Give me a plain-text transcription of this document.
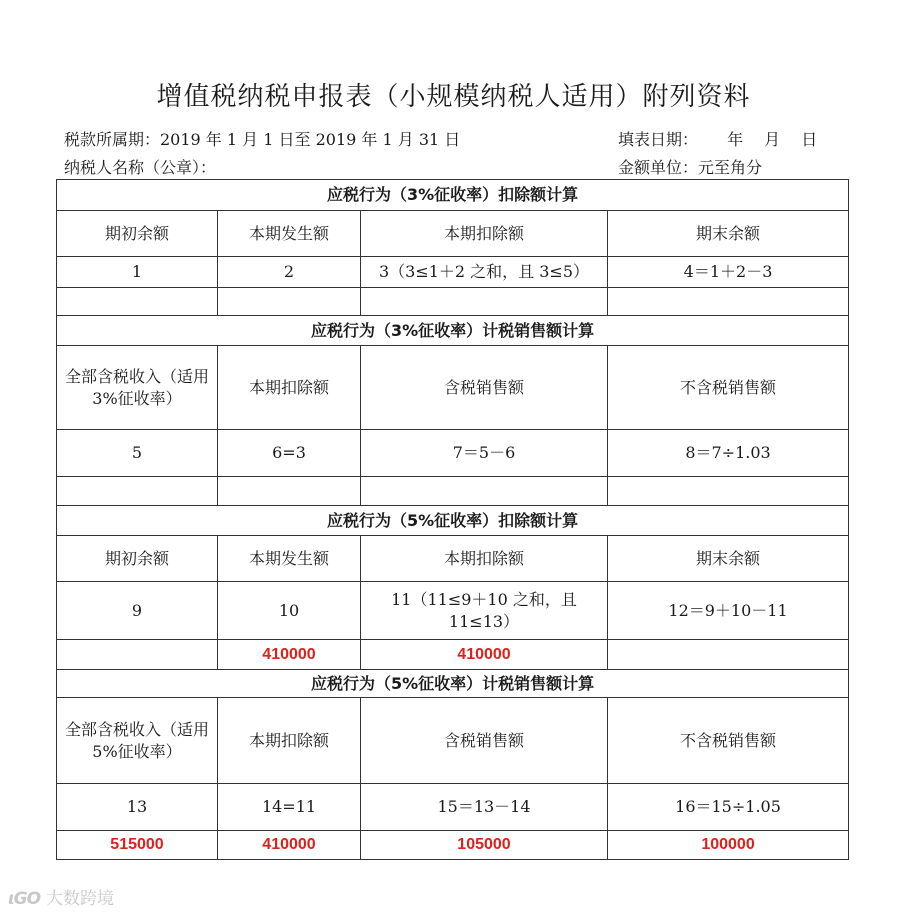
增值税纳税申报表（小规模纳税人适用）附列资料
税款所属期：2019 年 1 月 1 日至 2019 年 1 月 31 日	填表日期：　　 年　 月　 日
纳税人名称（公章）：	金额单位：元至角分
应税行为（3%征收率）扣除额计算			
期初余额	本期发生额	本期扣除额	期末余额
1	2	3（3≤1＋2 之和，且 3≤5）	4＝1＋2－3

应税行为（3%征收率）计税销售额计算			
全部含税收入（适用 3%征收率）	本期扣除额	含税销售额	不含税销售额
5	6=3	7＝5－6	8＝7÷1.03

应税行为（5%征收率）扣除额计算			
期初余额	本期发生额	本期扣除额	期末余额
9	10	11（11≤9＋10 之和，且 11≤13）	12＝9＋10－11
	410000	410000	
应税行为（5%征收率）计税销售额计算			
全部含税收入（适用 5%征收率）	本期扣除额	含税销售额	不含税销售额
13	14=11	15＝13－14	16＝15÷1.05
515000	410000	105000	100000
ιGO 大数跨境
